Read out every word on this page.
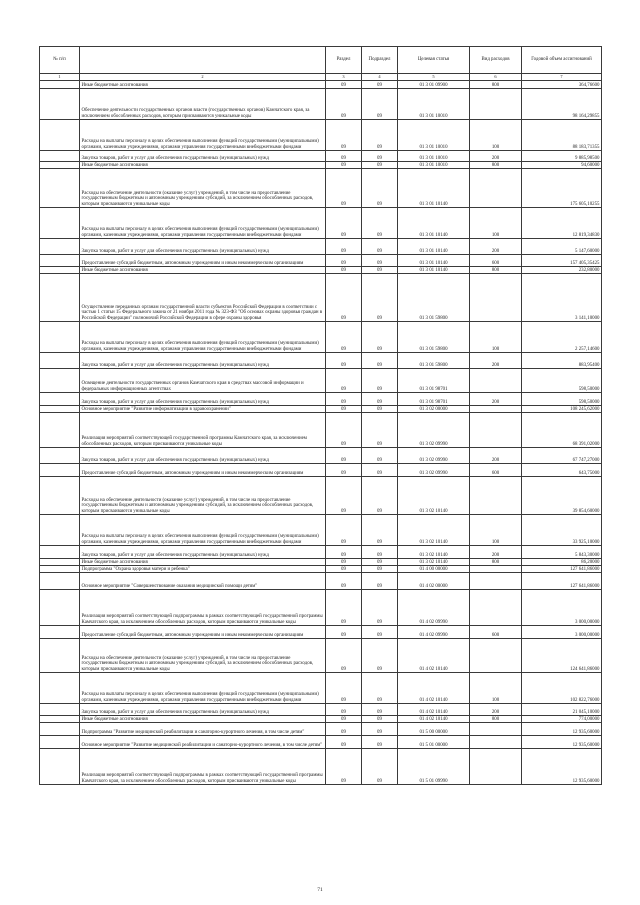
№ п/п		Раздел	Подраздел	Целевая статья	Вид расходов	Годовой объем ассигнований
1	2	3	4	5	6	7
	Иные бюджетные ассигнования	09	09	01 3 01 09900	800	364,76600
	Обеспечение деятельности государственных органов власти (государственных органов) Камчатского края, за исключением обособленных расходов, которым присваиваются уникальные коды	09	09	01 3 01 10010		98 164,29855
	Расходы на выплаты персоналу в целях обеспечения выполнения функций государственными (муниципальными) органами, казенными учреждениями, органами управления государственными внебюджетными фондами	09	09	01 3 01 10010	100	88 183,71355
	Закупка товаров, работ и услуг для обеспечения государственных (муниципальных) нужд	09	09	01 3 01 10010	200	9 885,98500
	Иные бюджетные ассигнования	09	09	01 3 01 10010	800	94,60000
	Расходы на обеспечение деятельности (оказание услуг) учреждений, в том числе на предоставление государственным бюджетным и автономным учреждениям субсидий, за исключением обособленных расходов, которым присваиваются уникальные коды	09	09	01 3 01 10140		175 605,10255
	Расходы на выплаты персоналу в целях обеспечения выполнения функций государственными (муниципальными) органами, казенными учреждениями, органами управления государственными внебюджетными фондами	09	09	01 3 01 10140	100	12 819,34830
	Закупка товаров, работ и услуг для обеспечения государственных (муниципальных) нужд	09	09	01 3 01 10140	200	5 147,60000
	Предоставление субсидий бюджетным, автономным учреждениям и иным некоммерческим организациям	09	09	01 3 01 10140	600	157 405,35425
	Иные бюджетные ассигнования	09	09	01 3 01 10140	800	232,80000
	Осуществление переданных органам государственной власти субъектов Российской Федерации в соответствии с частью 1 статьи 15 Федерального закона от 21 ноября 2011 года № 323-ФЗ "Об основах охраны здоровья граждан в Российской Федерации" полномочий Российской Федерации в сфере охраны здоровья	09	09	01 3 01 59800		3 141,10000
	Расходы на выплаты персоналу в целях обеспечения выполнения функций государственными (муниципальными) органами, казенными учреждениями, органами управления государственными внебюджетными фондами	09	09	01 3 01 59800	100	2 257,14600
	Закупка товаров, работ и услуг для обеспечения государственных (муниципальных) нужд	09	09	01 3 01 59800	200	883,95400
	Освещение деятельности государственных органов Камчатского края в средствах массовой информации и федеральных информационных агентствах	09	09	01 3 01 98701		598,50000
	Закупка товаров, работ и услуг для обеспечения государственных (муниципальных) нужд	09	09	01 3 01 98701	200	598,50000
	Основное мероприятие "Развитие информатизации в здравоохранении"	09	09	01 3 02 00000		108 245,62000
	Реализация мероприятий соответствующей государственной программы Камчатского края, за исключением обособленных расходов, которым присваиваются уникальные коды	09	09	01 3 02 09990		68 391,02000
	Закупка товаров, работ и услуг для обеспечения государственных (муниципальных) нужд	09	09	01 3 02 09990	200	67 747,27000
	Предоставление субсидий бюджетным, автономным учреждениям и иным некоммерческим организациям	09	09	01 3 02 09990	600	643,75000
	Расходы на обеспечение деятельности (оказание услуг) учреждений, в том числе на предоставление государственным бюджетным и автономным учреждениям субсидий, за исключением обособленных расходов, которым присваиваются уникальные коды	09	09	01 3 02 10140		39 854,60000
	Расходы на выплаты персоналу в целях обеспечения выполнения функций государственными (муниципальными) органами, казенными учреждениями, органами управления государственными внебюджетными фондами	09	09	01 3 02 10140	100	33 925,10000
	Закупка товаров, работ и услуг для обеспечения государственных (муниципальных) нужд	09	09	01 3 02 10140	200	5 843,30000
	Иные бюджетные ассигнования	09	09	01 3 02 10140	800	86,20000
	Подпрограмма "Охрана здоровья матери и ребенка"	09	09	01 4 00 00000		127 641,86000
	Основное мероприятие "Совершенствование оказания медицинской помощи детям"	09	09	01 4 02 00000		127 641,86000
	Реализация мероприятий соответствующей подпрограммы в рамках соответствующей государственной программы Камчатского края, за исключением обособленных расходов, которым присваиваются уникальные коды	09	09	01 4 02 09990		3 000,00000
	Предоставление субсидий бюджетным, автономным учреждениям и иным некоммерческим организациям	09	09	01 4 02 09990	600	3 000,00000
	Расходы на обеспечение деятельности (оказание услуг) учреждений, в том числе на предоставление государственным бюджетным и автономным учреждениям субсидий, за исключением обособленных расходов, которым присваиваются уникальные коды	09	09	01 4 02 10140		124 641,86000
	Расходы на выплаты персоналу в целях обеспечения выполнения функций государственными (муниципальными) органами, казенными учреждениями, органами управления государственными внебюджетными фондами	09	09	01 4 02 10140	100	102 822,76000
	Закупка товаров, работ и услуг для обеспечения государственных (муниципальных) нужд	09	09	01 4 02 10140	200	21 045,10000
	Иные бюджетные ассигнования	09	09	01 4 02 10140	800	774,00000
	Подпрограмма "Развитие медицинской реабилитации и санаторно-курортного лечения, в том числе детям"	09	09	01 5 00 00000		12 935,60000
	Основное мероприятие "Развитие медицинской реабилитации и санаторно-курортного лечения, в том числе детям"	09	09	01 5 01 00000		12 935,60000
	Реализация мероприятий соответствующей подпрограммы в рамках соответствующей государственной программы Камчатского края, за исключением обособленных расходов, которым присваиваются уникальные коды	09	09	01 5 01 09990		12 935,60000
71
